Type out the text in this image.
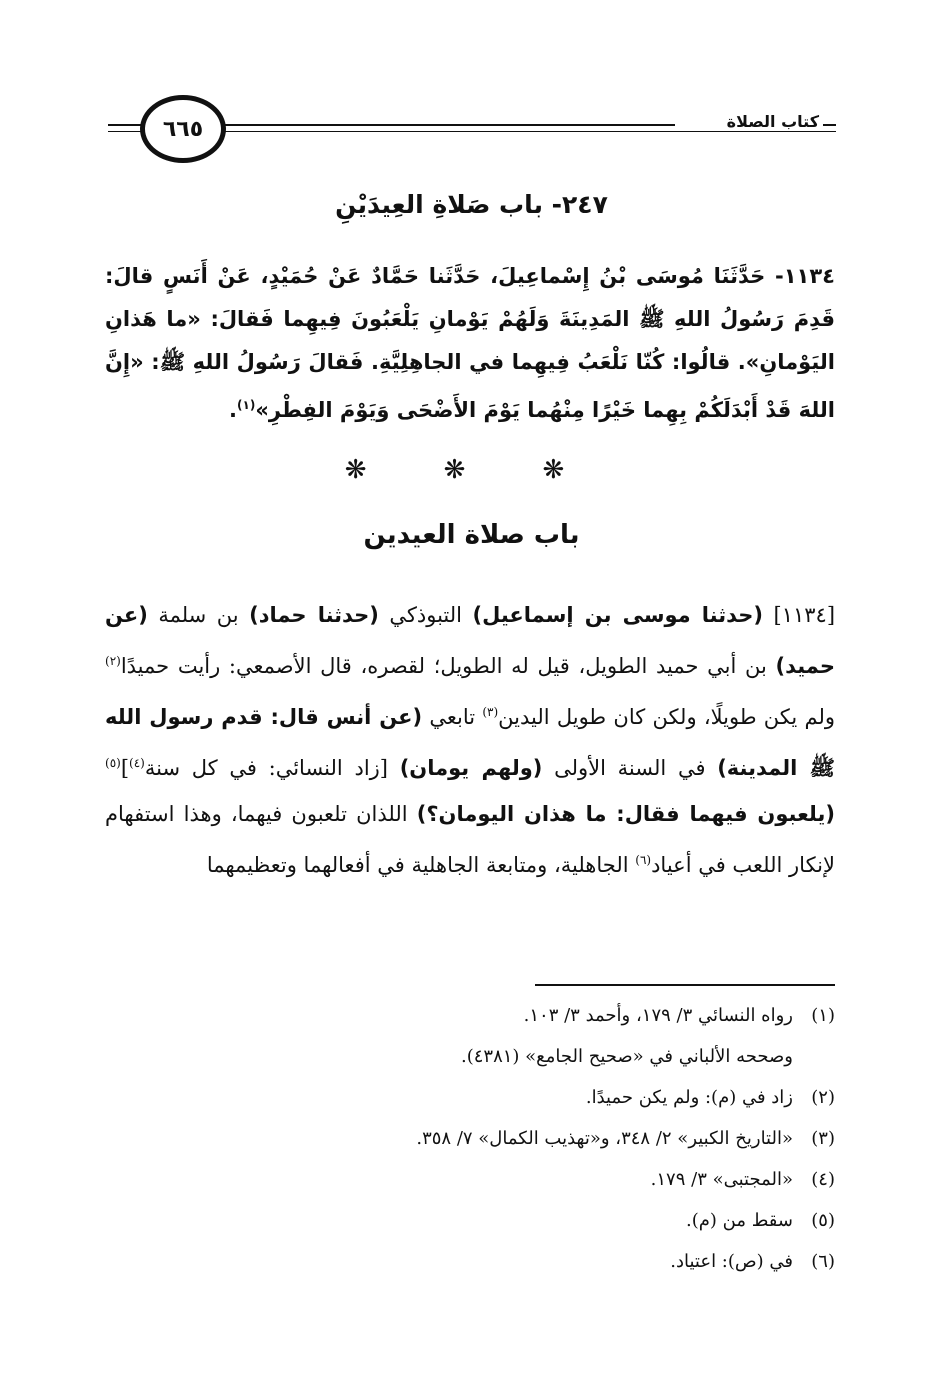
كتاب الصلاة
٦٦٥
٢٤٧- باب صَلاةِ العِيدَيْنِ
١١٣٤- حَدَّثَنَا مُوسَى بْنُ إِسْماعِيلَ، حَدَّثَنا حَمَّادٌ عَنْ حُمَيْدٍ، عَنْ أَنَسٍ قالَ: قَدِمَ رَسُولُ اللهِ ﷺ المَدِينَةَ وَلَهُمْ يَوْمانِ يَلْعَبُونَ فِيهِما فَقالَ: «ما هَذانِ اليَوْمانِ». قالُوا: كُنّا نَلْعَبُ فِيهِما في الجاهِلِيَّةِ. فَقالَ رَسُولُ اللهِ ﷺ: «إِنَّ اللهَ قَدْ أَبْدَلَكُمْ بِهِما خَيْرًا مِنْهُما يَوْمَ الأَضْحَى وَيَوْمَ الفِطْرِ»$^{(١)}$.
❋ ❋ ❋
باب صلاة العيدين
[١١٣٤] (حدثنا موسى بن إسماعيل) التبوذكي (حدثنا حماد) بن سلمة (عن حميد) بن أبي حميد الطويل، قيل له الطويل؛ لقصره، قال الأصمعي: رأيت حميدًا$^{(٢)}$ ولم يكن طويلًا، ولكن كان طويل اليدين$^{(٣)}$ تابعي (عن أنس قال: قدم رسول الله ﷺ المدينة) في السنة الأولى (ولهم يومان) [زاد النسائي: في كل سنة$^{(٤)}$]$^{(٥)}$ (يلعبون فيهما فقال: ما هذان اليومان؟) اللذان تلعبون فيهما، وهذا استفهام لإنكار اللعب في أعياد$^{(٦)}$ الجاهلية، ومتابعة الجاهلية في أفعالهما وتعظيمهما
(١)
رواه النسائي ٣/ ١٧٩، وأحمد ٣/ ١٠٣.
وصححه الألباني في «صحيح الجامع» (٤٣٨١).
(٢)
زاد في (م): ولم يكن حميدًا.
(٣)
«التاريخ الكبير» ٢/ ٣٤٨، و«تهذيب الكمال» ٧/ ٣٥٨.
(٤)
«المجتبى» ٣/ ١٧٩.
(٥)
سقط من (م).
(٦)
في (ص): اعتياد.
